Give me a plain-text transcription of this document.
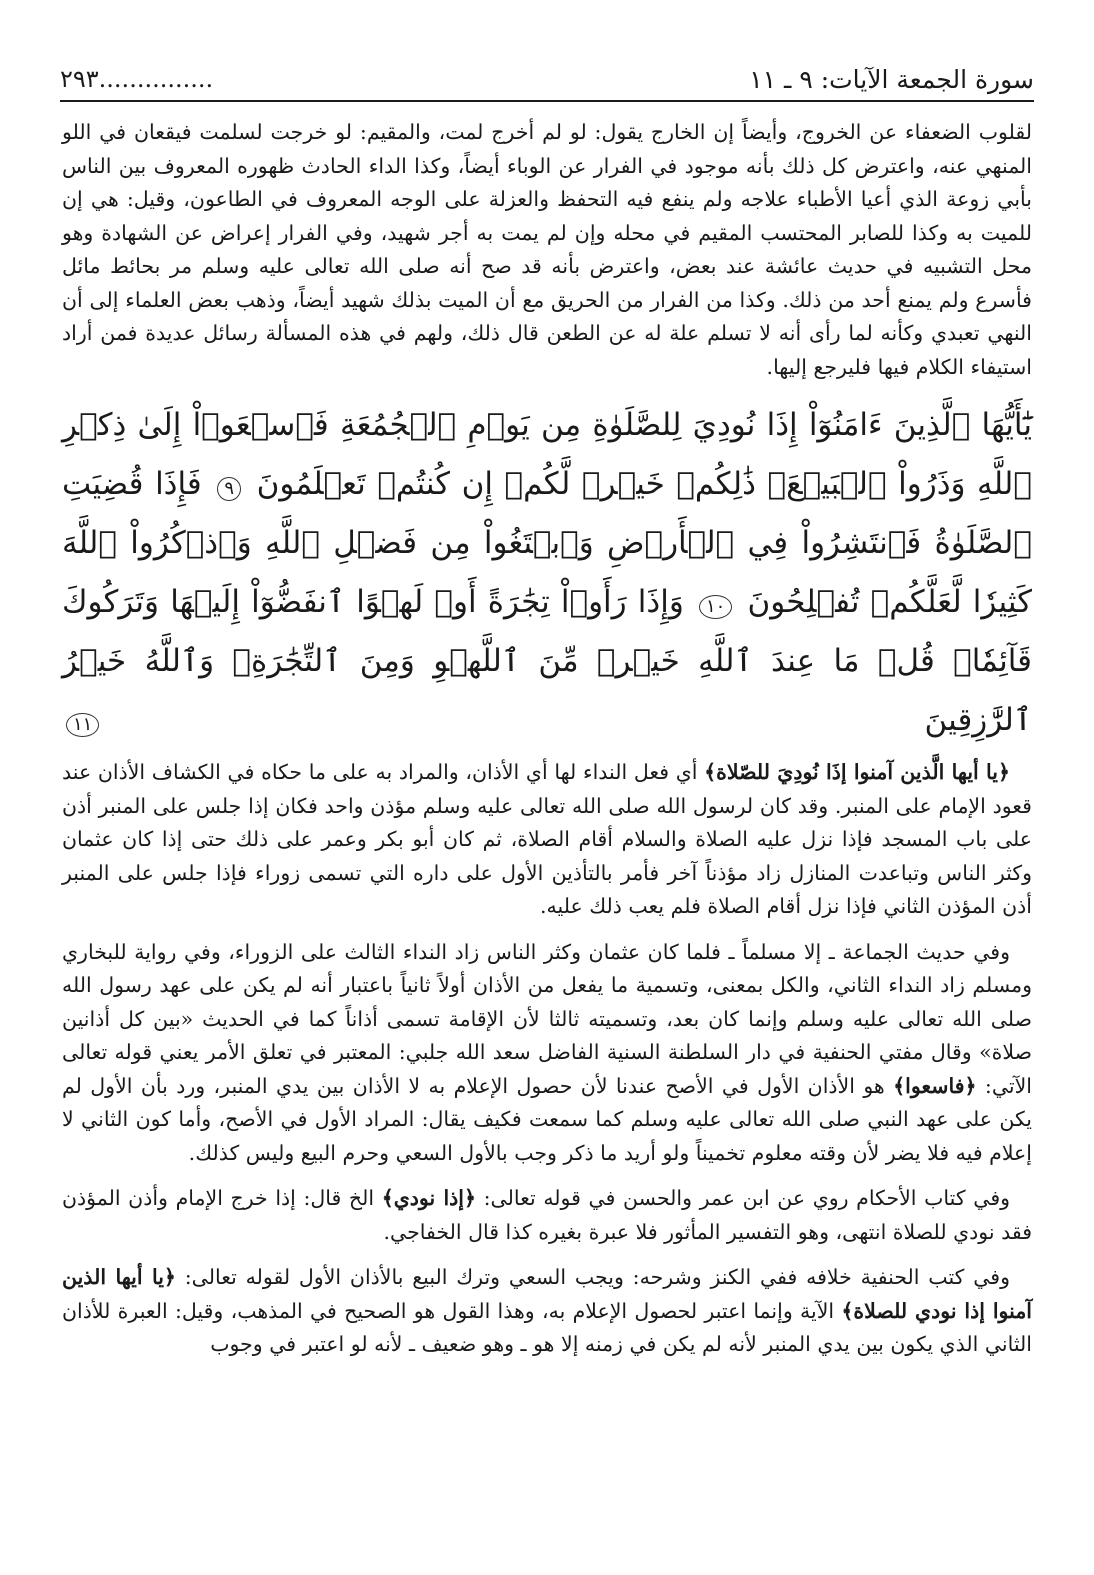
٢٩٣...............	سورة الجمعة الآيات: ٩ ـ ١١

لقلوب الضعفاء عن الخروج، وأيضاً إن الخارج يقول: لو لم أخرج لمت، والمقيم: لو خرجت لسلمت فيقعان في اللو المنهي عنه، واعترض كل ذلك بأنه موجود في الفرار عن الوباء أيضاً، وكذا الداء الحادث ظهوره المعروف بين الناس بأبي زوعة الذي أعيا الأطباء علاجه ولم ينفع فيه التحفظ والعزلة على الوجه المعروف في الطاعون، وقيل: هي إن للميت به وكذا للصابر المحتسب المقيم في محله وإن لم يمت به أجر شهيد، وفي الفرار إعراض عن الشهادة وهو محل التشبيه في حديث عائشة عند بعض، واعترض بأنه قد صح أنه صلى الله تعالى عليه وسلم مر بحائط مائل فأسرع ولم يمنع أحد من ذلك. وكذا من الفرار من الحريق مع أن الميت بذلك شهيد أيضاً، وذهب بعض العلماء إلى أن النهي تعبدي وكأنه لما رأى أنه لا تسلم علة له عن الطعن قال ذلك، ولهم في هذه المسألة رسائل عديدة فمن أراد استيفاء الكلام فيها فليرجع إليها.

يَٰٓأَيُّهَا ٱلَّذِينَ ءَامَنُوٓاْ إِذَا نُودِيَ لِلصَّلَوٰةِ مِن يَوۡمِ ٱلۡجُمُعَةِ فَٱسۡعَوۡاْ إِلَىٰ ذِكۡرِ ٱللَّهِ وَذَرُواْ ٱلۡبَيۡعَۚ ذَٰلِكُمۡ خَيۡرٞ لَّكُمۡ إِن كُنتُمۡ تَعۡلَمُونَ ٩ فَإِذَا قُضِيَتِ ٱلصَّلَوٰةُ فَٱنتَشِرُواْ فِي ٱلۡأَرۡضِ وَٱبۡتَغُواْ مِن فَضۡلِ ٱللَّهِ وَٱذۡكُرُواْ ٱللَّهَ كَثِيرٗا لَّعَلَّكُمۡ تُفۡلِحُونَ ١٠ وَإِذَا رَأَوۡاْ تِجَٰرَةً أَوۡ لَهۡوًا ٱنفَضُّوٓاْ إِلَيۡهَا وَتَرَكُوكَ قَآئِمٗاۚ قُلۡ مَا عِندَ ٱللَّهِ خَيۡرٞ مِّنَ ٱللَّهۡوِ وَمِنَ ٱلتِّجَٰرَةِۚ وَٱللَّهُ خَيۡرُ ٱلرَّٰزِقِينَ ١١

﴿يا أيها الَّذين آمنوا إذَا نُودِيَ للصّلاة﴾ أي فعل النداء لها أي الأذان، والمراد به على ما حكاه في الكشاف الأذان عند قعود الإمام على المنبر. وقد كان لرسول الله صلى الله تعالى عليه وسلم مؤذن واحد فكان إذا جلس على المنبر أذن على باب المسجد فإذا نزل عليه الصلاة والسلام أقام الصلاة، ثم كان أبو بكر وعمر على ذلك حتى إذا كان عثمان وكثر الناس وتباعدت المنازل زاد مؤذناً آخر فأمر بالتأذين الأول على داره التي تسمى زوراء فإذا جلس على المنبر أذن المؤذن الثاني فإذا نزل أقام الصلاة فلم يعب ذلك عليه.

وفي حديث الجماعة ـ إلا مسلماً ـ فلما كان عثمان وكثر الناس زاد النداء الثالث على الزوراء، وفي رواية للبخاري ومسلم زاد النداء الثاني، والكل بمعنى، وتسمية ما يفعل من الأذان أولاً ثانياً باعتبار أنه لم يكن على عهد رسول الله صلى الله تعالى عليه وسلم وإنما كان بعد، وتسميته ثالثا لأن الإقامة تسمى أذاناً كما في الحديث «بين كل أذانين صلاة» وقال مفتي الحنفية في دار السلطنة السنية الفاضل سعد الله جلبي: المعتبر في تعلق الأمر يعني قوله تعالى الآتي: ﴿فاسعوا﴾ هو الأذان الأول في الأصح عندنا لأن حصول الإعلام به لا الأذان بين يدي المنبر، ورد بأن الأول لم يكن على عهد النبي صلى الله تعالى عليه وسلم كما سمعت فكيف يقال: المراد الأول في الأصح، وأما كون الثاني لا إعلام فيه فلا يضر لأن وقته معلوم تخميناً ولو أريد ما ذكر وجب بالأول السعي وحرم البيع وليس كذلك.

وفي كتاب الأحكام روي عن ابن عمر والحسن في قوله تعالى: ﴿إذا نودي﴾ الخ قال: إذا خرج الإمام وأذن المؤذن فقد نودي للصلاة انتهى، وهو التفسير المأثور فلا عبرة بغيره كذا قال الخفاجي.

وفي كتب الحنفية خلافه ففي الكنز وشرحه: ويجب السعي وترك البيع بالأذان الأول لقوله تعالى: ﴿يا أيها الذين آمنوا إذا نودي للصلاة﴾ الآية وإنما اعتبر لحصول الإعلام به، وهذا القول هو الصحيح في المذهب، وقيل: العبرة للأذان الثاني الذي يكون بين يدي المنبر لأنه لم يكن في زمنه إلا هو ـ وهو ضعيف ـ لأنه لو اعتبر في وجوب
